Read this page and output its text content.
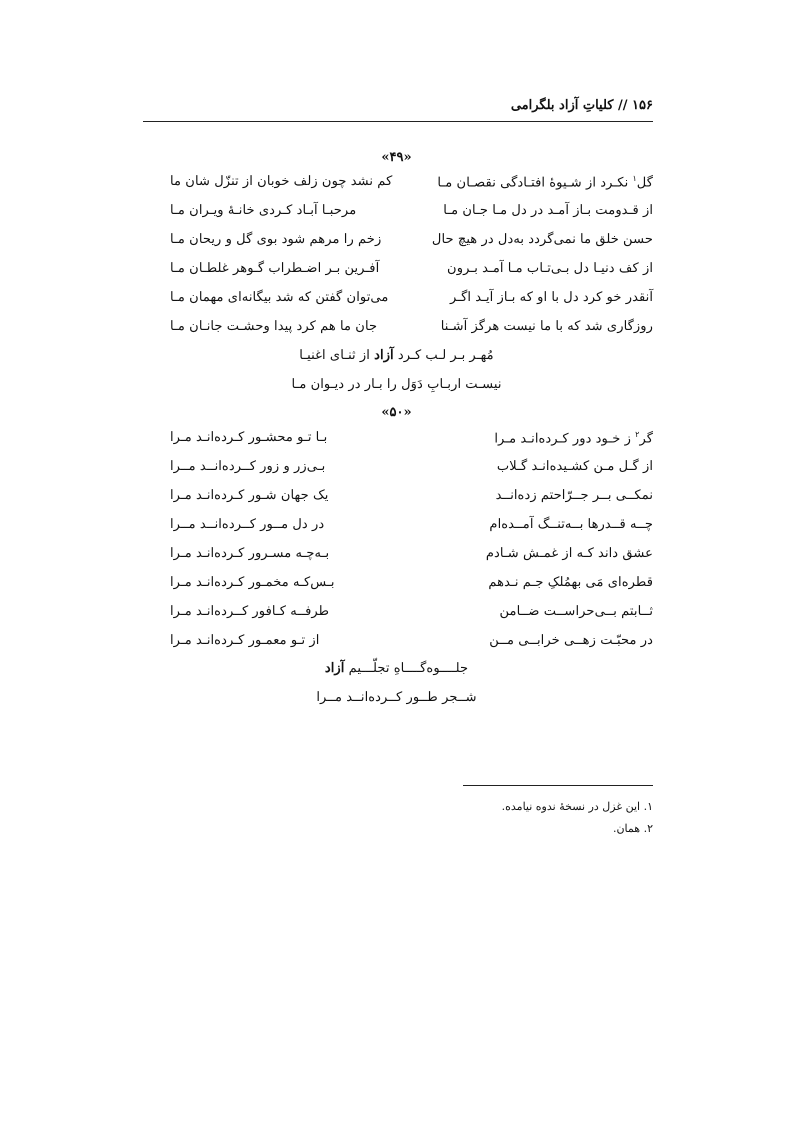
۱۵۶ // کلیاتِ آزاد بلگرامی
«۴۹»
گل$^۱$ نکـرد از شـیوهٔ افتـادگی نقصـان مـا
کم نشد چون زلف خوبان از تنزّل شان ما
از قـدومت بـاز آمـد در دل مـا جـان مـا
مرحبـا آبـاد کـردی خانـهٔ ویـران مـا
حسن خلق ما نمی‌گردد به‌دل در هیچ حال
زخم را مرهم شود بوی گل و ریحان مـا
از کف دنیـا دل بـی‌تـاب مـا آمـد بـرون
آفـرین بـر اضـطراب گـوهر غلطـان مـا
آنقدر خو کرد دل با او که بـاز آیـد اگـر
می‌توان گفتن که شد بیگانه‌ای مهمان مـا
روزگاری شد که با ما نیست هرگز آشـنا
جان ما هم کرد پیدا وحشـت جانـان مـا
مُهـر بـر لـب کـرد آزاد از ثنـای اغنیـا
نیسـت اربـابِ دَوَل را بـار در دیـوان مـا
«۵۰»
گر$^۲$ ز خـود دور کـرده‌انـد مـرا
بـا تـو محشـور کـرده‌انـد مـرا
از گـل مـن کشـیده‌انـد گـلاب
بـی‌زر و زور کــرده‌انــد مــرا
نمکــی بــر جــرّاحتم زده‌انــد
یک جهان شـور کـرده‌انـد مـرا
چــه قــدرها بــه‌تنــگ آمــده‌ام
در دل مــور کــرده‌انــد مــرا
عشق داند کـه از غمـش شـادم
بـه‌چـه مسـرور کـرده‌انـد مـرا
قطره‌ای مَی بهمُلکِ جـم نـدهم
بـس‌کـه مخمـور کـرده‌انـد مـرا
ثــابتم بــی‌حراســت ضــامن
طرفــه کـافور کــرده‌انـد مـرا
در محبّـت زهــی خرابــی مــن
از تـو معمـور کـرده‌انـد مـرا
جلــــوه‌گــــاهِ تجلّـــیم آزاد
شــجر طــور کــرده‌انــد مــرا
۱. این غزل در نسخهٔ ندوه نیامده.
۲. همان.
